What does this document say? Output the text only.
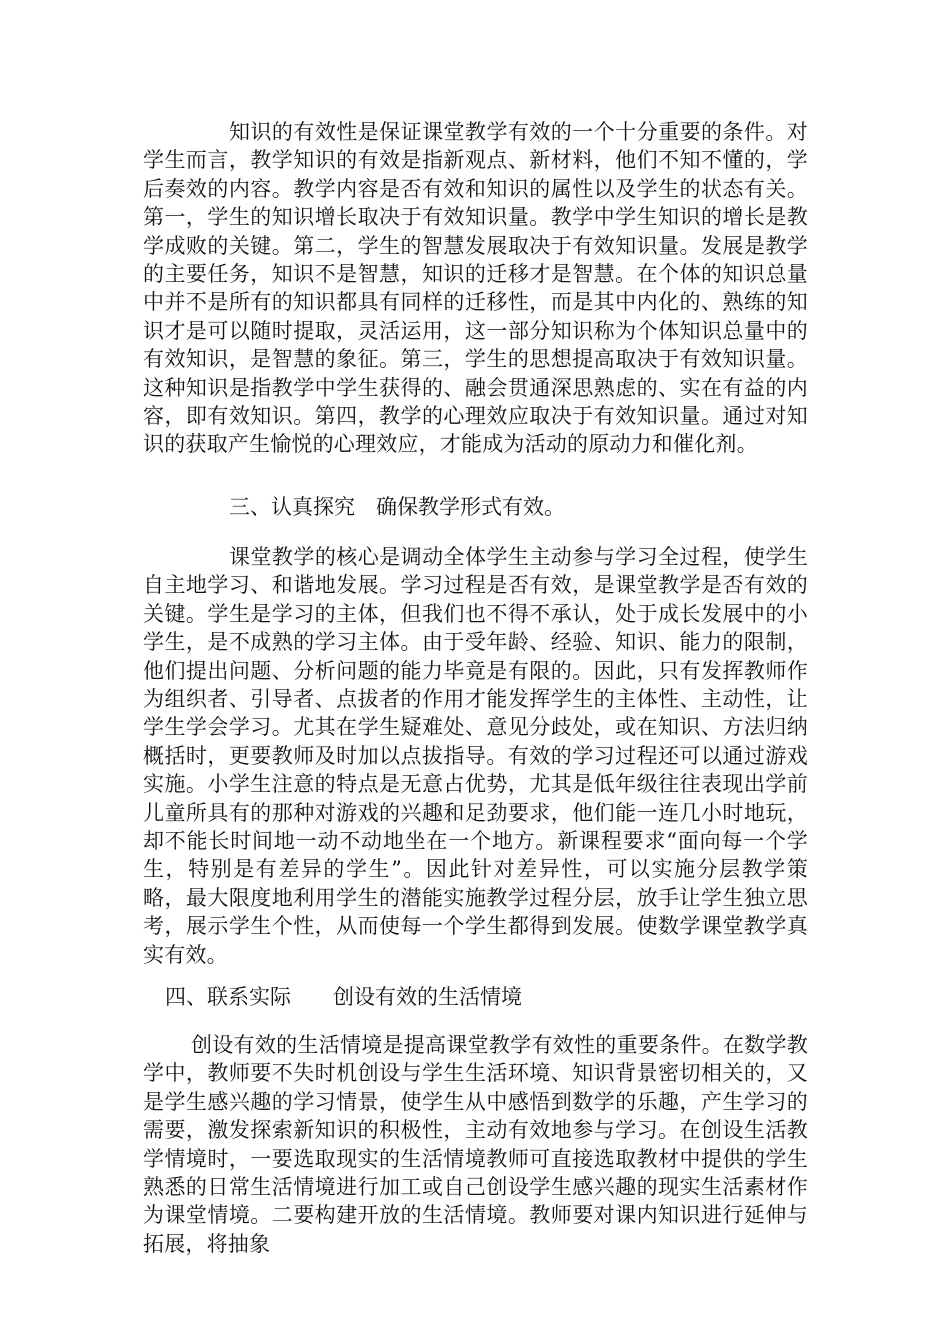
知识的有效性是保证课堂教学有效的一个十分重要的条件。对学生而言，教学知识的有效是指新观点、新材料，他们不知不懂的，学后奏效的内容。教学内容是否有效和知识的属性以及学生的状态有关。第一，学生的知识增长取决于有效知识量。教学中学生知识的增长是教学成败的关键。第二，学生的智慧发展取决于有效知识量。发展是教学的主要任务，知识不是智慧，知识的迁移才是智慧。在个体的知识总量中并不是所有的知识都具有同样的迁移性，而是其中内化的、熟练的知识才是可以随时提取，灵活运用，这一部分知识称为个体知识总量中的有效知识，是智慧的象征。第三，学生的思想提高取决于有效知识量。这种知识是指教学中学生获得的、融会贯通深思熟虑的、实在有益的内容，即有效知识。第四，教学的心理效应取决于有效知识量。通过对知识的获取产生愉悦的心理效应，才能成为活动的原动力和催化剂。

三、认真探究　确保教学形式有效。

课堂教学的核心是调动全体学生主动参与学习全过程，使学生自主地学习、和谐地发展。学习过程是否有效，是课堂教学是否有效的关键。学生是学习的主体，但我们也不得不承认，处于成长发展中的小学生，是不成熟的学习主体。由于受年龄、经验、知识、能力的限制，他们提出问题、分析问题的能力毕竟是有限的。因此，只有发挥教师作为组织者、引导者、点拔者的作用才能发挥学生的主体性、主动性，让学生学会学习。尤其在学生疑难处、意见分歧处，或在知识、方法归纳概括时，更要教师及时加以点拔指导。有效的学习过程还可以通过游戏实施。小学生注意的特点是无意占优势，尤其是低年级往往表现出学前儿童所具有的那种对游戏的兴趣和足劲要求，他们能一连几小时地玩，却不能长时间地一动不动地坐在一个地方。新课程要求“面向每一个学生，特别是有差异的学生”。因此针对差异性，可以实施分层教学策略，最大限度地利用学生的潜能实施教学过程分层，放手让学生独立思考，展示学生个性，从而使每一个学生都得到发展。使数学课堂教学真实有效。

四、联系实际　　创设有效的生活情境

创设有效的生活情境是提高课堂教学有效性的重要条件。在数学教学中，教师要不失时机创设与学生生活环境、知识背景密切相关的，又是学生感兴趣的学习情景，使学生从中感悟到数学的乐趣，产生学习的需要，激发探索新知识的积极性，主动有效地参与学习。在创设生活教学情境时，一要选取现实的生活情境教师可直接选取教材中提供的学生熟悉的日常生活情境进行加工或自己创设学生感兴趣的现实生活素材作为课堂情境。二要构建开放的生活情境。教师要对课内知识进行延伸与拓展，将抽象
